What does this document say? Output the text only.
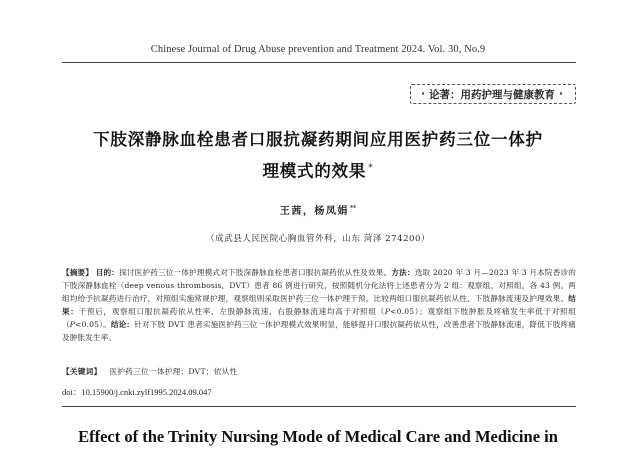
Chinese Journal of Drug Abuse prevention and Treatment 2024. Vol. 30, No.9
· 论著：用药护理与健康教育 ·
下肢深静脉血栓患者口服抗凝药期间应用医护药三位一体护
理模式的效果 *
王茜，杨凤娟**
（成武县人民医院心胸血管外科，山东 菏泽 274200）
【摘要】 目的：探讨医护药三位一体护理模式对下肢深静脉血栓患者口服抗凝药依从性及效果。方法：选取 2020 年 3 月—2023 年 3 月本院香诊的下肢深静脉血栓（deep venous thrombosis，DVT）患者 86 例进行研究，按照随机分化法将上述患者分为 2 组：观察组、对照组，各 43 例。两组均给予抗凝药进行治疗，对照组实施常规护理，观察组则采取医护药三位一体护理干预，比较两组口服抗凝药依从性、下肢静脉流速及护理效果。结果：干预后，观察组口服抗凝药依从性率、左股静脉流速、右股静脉流速均高于对照组（P<0.05）；观察组下肢肿胀及疼痛发生率低于对照组（P<0.05）。结论：针对下肢 DVT 患者实施医护药三位一体护理模式效果明显，能够提升口服抗凝药依从性，改善患者下肢静脉流速，降低下肢疼痛及肿胀发生率。
【关键词】 医护药三位一体护理；DVT；依从性
doi：10.15900/j.cnki.zylf1995.2024.09.047
Effect of the Trinity Nursing Mode of Medical Care and Medicine in
